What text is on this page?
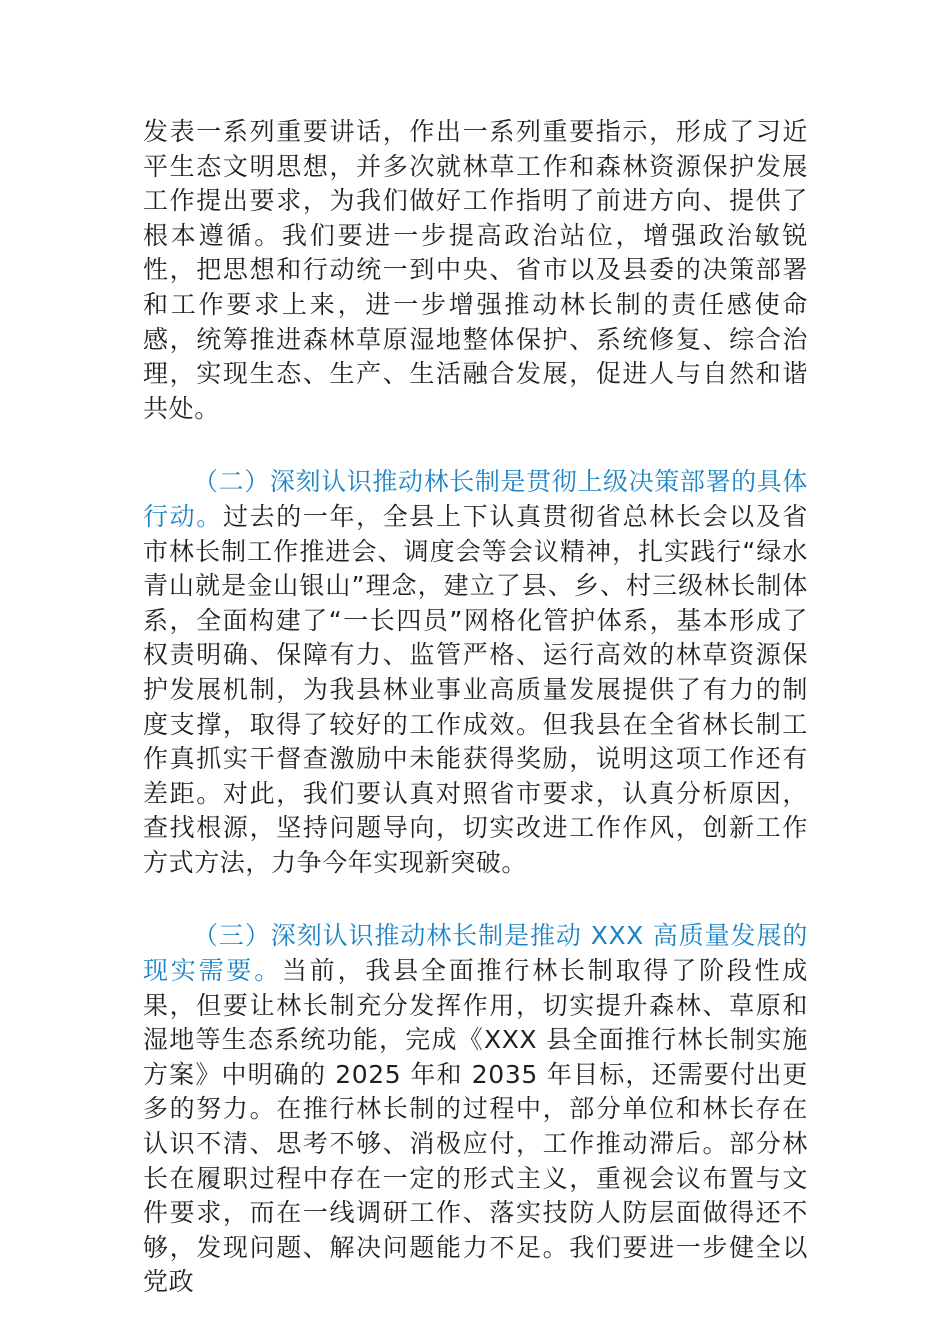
发表一系列重要讲话，作出一系列重要指示，形成了习近平生态文明思想，并多次就林草工作和森林资源保护发展工作提出要求，为我们做好工作指明了前进方向、提供了根本遵循。我们要进一步提高政治站位，增强政治敏锐性，把思想和行动统一到中央、省市以及县委的决策部署和工作要求上来，进一步增强推动林长制的责任感使命感，统筹推进森林草原湿地整体保护、系统修复、综合治理，实现生态、生产、生活融合发展，促进人与自然和谐共处。

（二）深刻认识推动林长制是贯彻上级决策部署的具体行动。过去的一年，全县上下认真贯彻省总林长会以及省市林长制工作推进会、调度会等会议精神，扎实践行“绿水青山就是金山银山”理念，建立了县、乡、村三级林长制体系，全面构建了“一长四员”网格化管护体系，基本形成了权责明确、保障有力、监管严格、运行高效的林草资源保护发展机制，为我县林业事业高质量发展提供了有力的制度支撑，取得了较好的工作成效。但我县在全省林长制工作真抓实干督查激励中未能获得奖励，说明这项工作还有差距。对此，我们要认真对照省市要求，认真分析原因，查找根源，坚持问题导向，切实改进工作作风，创新工作方式方法，力争今年实现新突破。

（三）深刻认识推动林长制是推动 XXX 高质量发展的现实需要。当前，我县全面推行林长制取得了阶段性成果，但要让林长制充分发挥作用，切实提升森林、草原和湿地等生态系统功能，完成《XXX 县全面推行林长制实施方案》中明确的 2025 年和 2035 年目标，还需要付出更多的努力。在推行林长制的过程中，部分单位和林长存在认识不清、思考不够、消极应付，工作推动滞后。部分林长在履职过程中存在一定的形式主义，重视会议布置与文件要求，而在一线调研工作、落实技防人防层面做得还不够，发现问题、解决问题能力不足。我们要进一步健全以党政
